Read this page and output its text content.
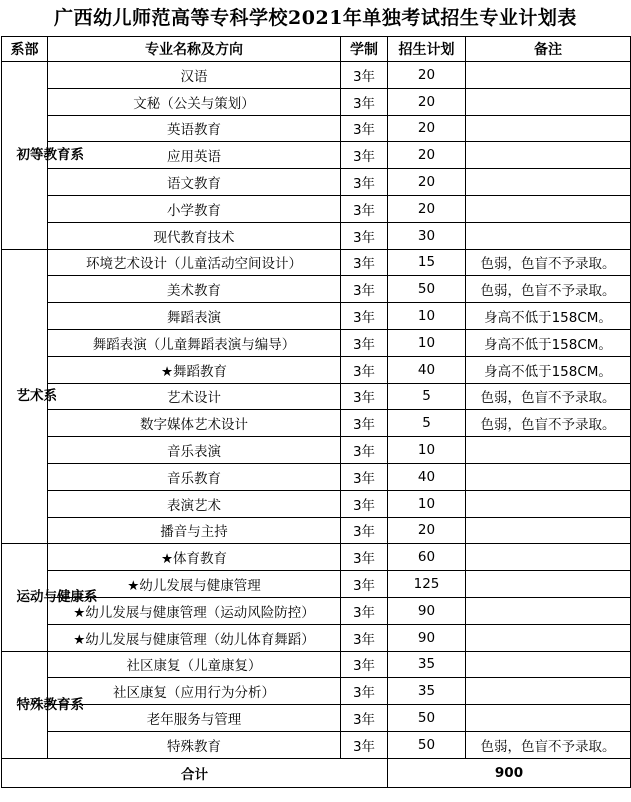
广西幼儿师范高等专科学校2021年单独考试招生专业计划表
系部	专业名称及方向	学制	招生计划	备注
初等教育系	汉语	3年	20	
	文秘（公关与策划）	3年	20	
	英语教育	3年	20	
	应用英语	3年	20	
	语文教育	3年	20	
	小学教育	3年	20	
	现代教育技术	3年	30	
艺术系	环境艺术设计（儿童活动空间设计）	3年	15	色弱，色盲不予录取。
	美术教育	3年	50	色弱，色盲不予录取。
	舞蹈表演	3年	10	身高不低于158CM。
	舞蹈表演（儿童舞蹈表演与编导）	3年	10	身高不低于158CM。
	★舞蹈教育	3年	40	身高不低于158CM。
	艺术设计	3年	5	色弱，色盲不予录取。
	数字媒体艺术设计	3年	5	色弱，色盲不予录取。
	音乐表演	3年	10	
	音乐教育	3年	40	
	表演艺术	3年	10	
	播音与主持	3年	20	
运动与健康系	★体育教育	3年	60	
	★幼儿发展与健康管理	3年	125	
	★幼儿发展与健康管理（运动风险防控）	3年	90	
	★幼儿发展与健康管理（幼儿体育舞蹈）	3年	90	
特殊教育系	社区康复（儿童康复）	3年	35	
	社区康复（应用行为分析）	3年	35	
	老年服务与管理	3年	50	
	特殊教育	3年	50	色弱，色盲不予录取。
合计			900	
